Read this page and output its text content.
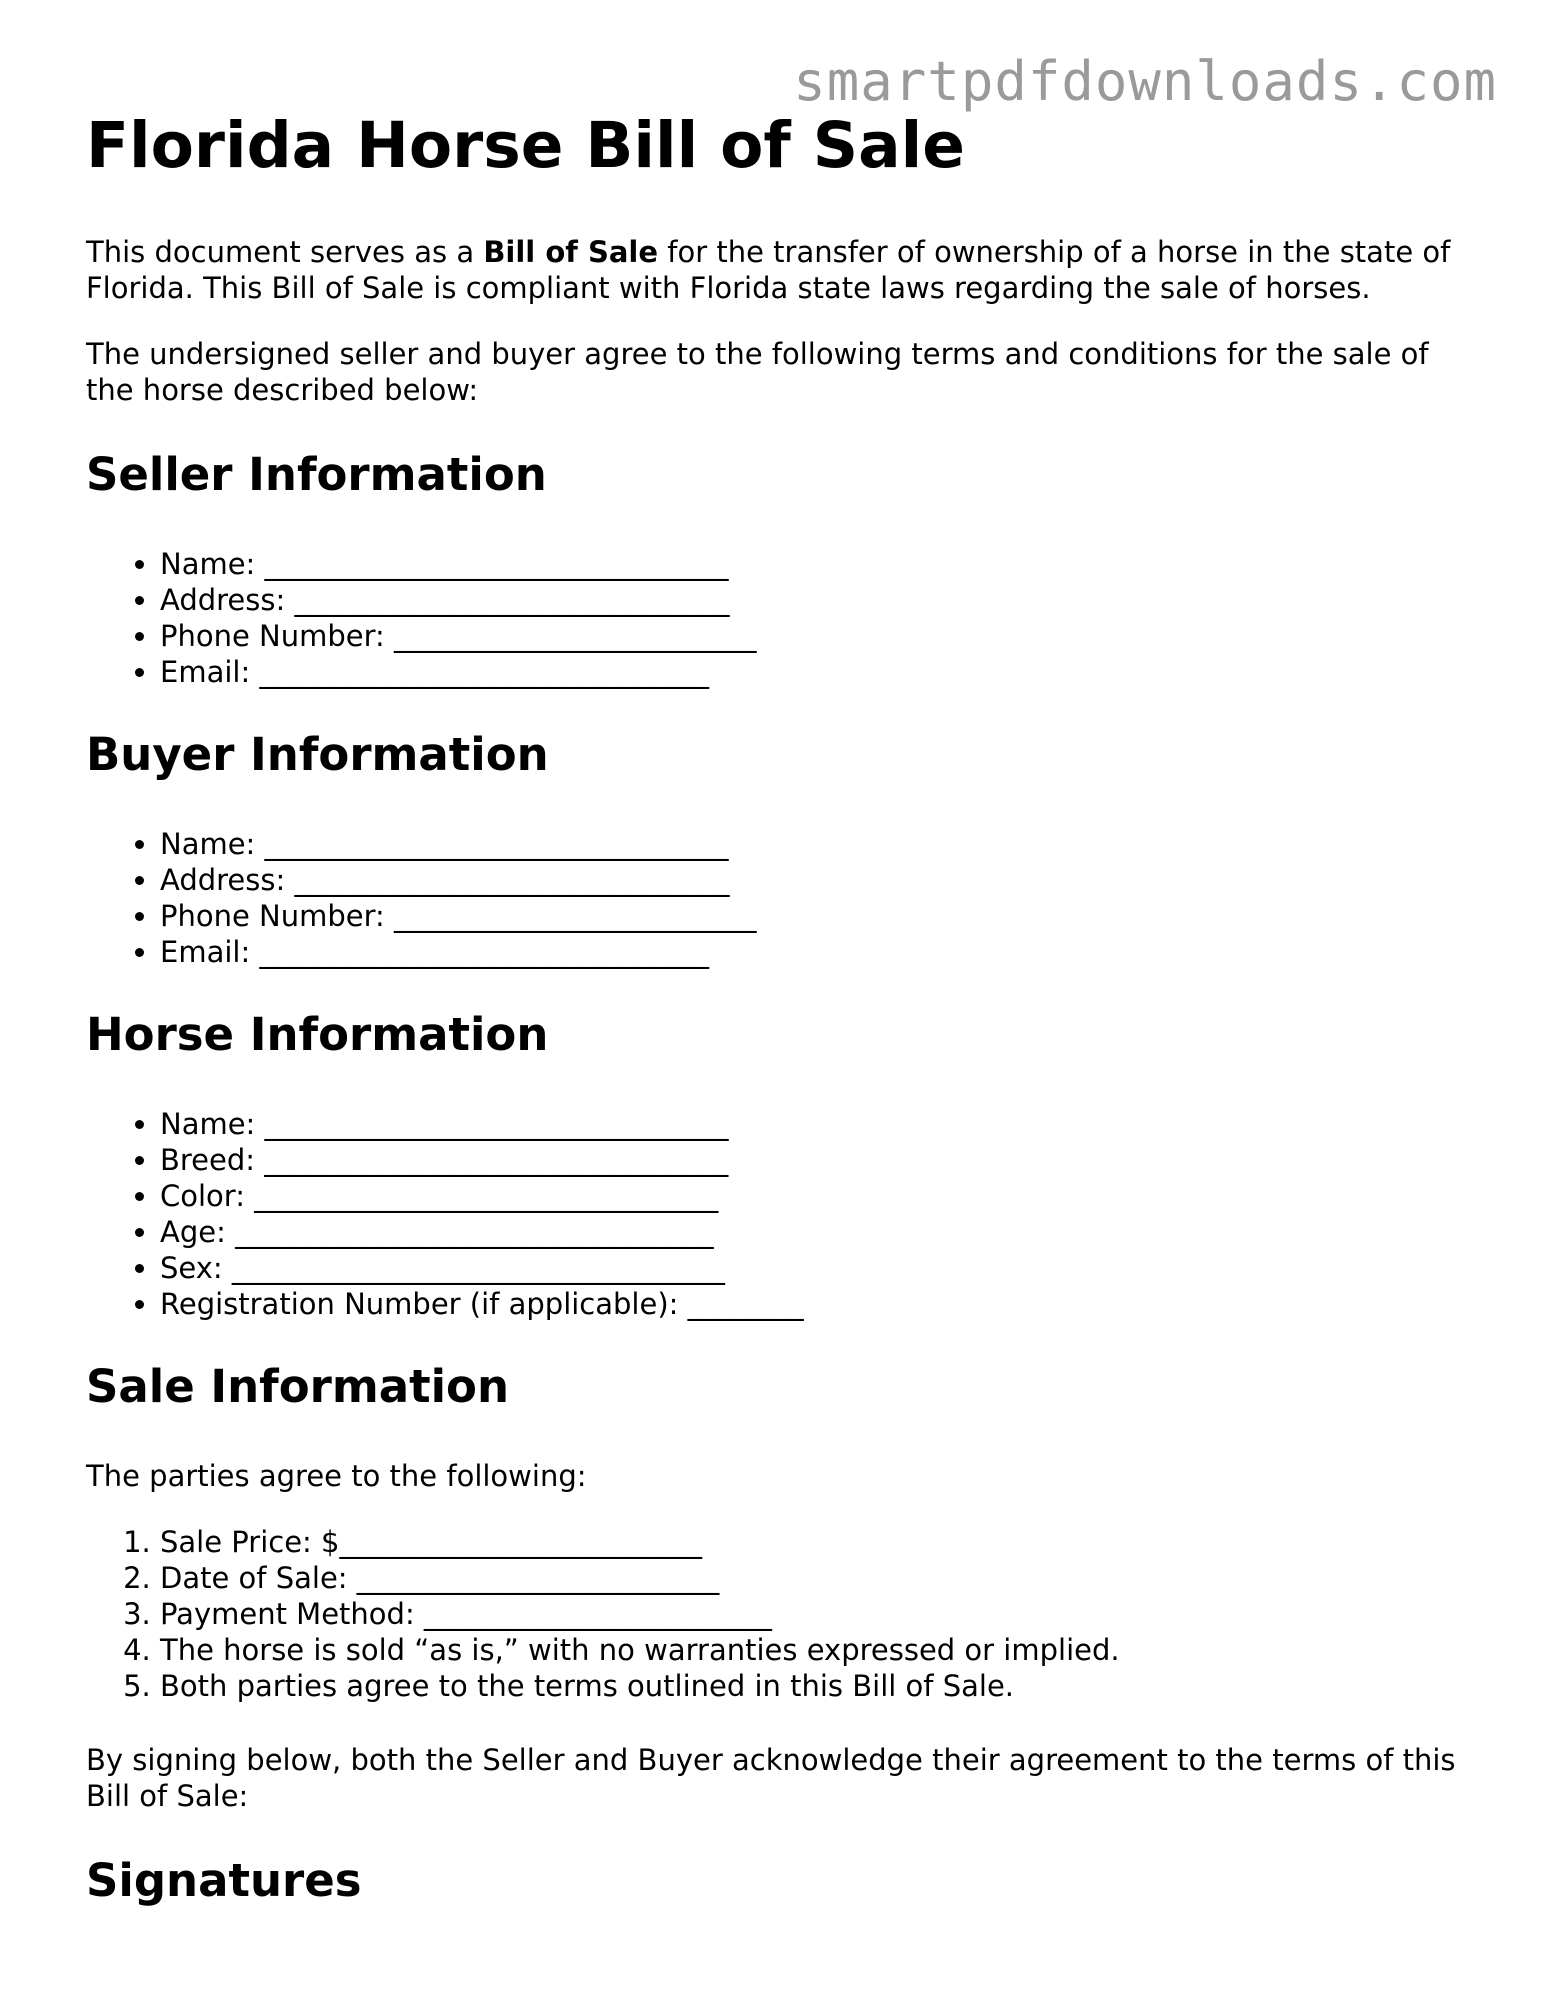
smartpdfdownloads.com
Florida Horse Bill of Sale

This document serves as a Bill of Sale for the transfer of ownership of a horse in the state of Florida. This Bill of Sale is compliant with Florida state laws regarding the sale of horses.

The undersigned seller and buyer agree to the following terms and conditions for the sale of the horse described below:

Seller Information
• Name: ________________________________
• Address: ______________________________
• Phone Number: _________________________
• Email: _______________________________
Buyer Information
• Name: ________________________________
• Address: ______________________________
• Phone Number: _________________________
• Email: _______________________________
Horse Information
• Name: ________________________________
• Breed: ________________________________
• Color: ________________________________
• Age: _________________________________
• Sex: __________________________________
• Registration Number (if applicable): ________
Sale Information

The parties agree to the following:

1. Sale Price: $_________________________
2. Date of Sale: _________________________
3. Payment Method: ________________________
4. The horse is sold “as is,” with no warranties expressed or implied.
5. Both parties agree to the terms outlined in this Bill of Sale.

By signing below, both the Seller and Buyer acknowledge their agreement to the terms of this Bill of Sale:

Signatures
